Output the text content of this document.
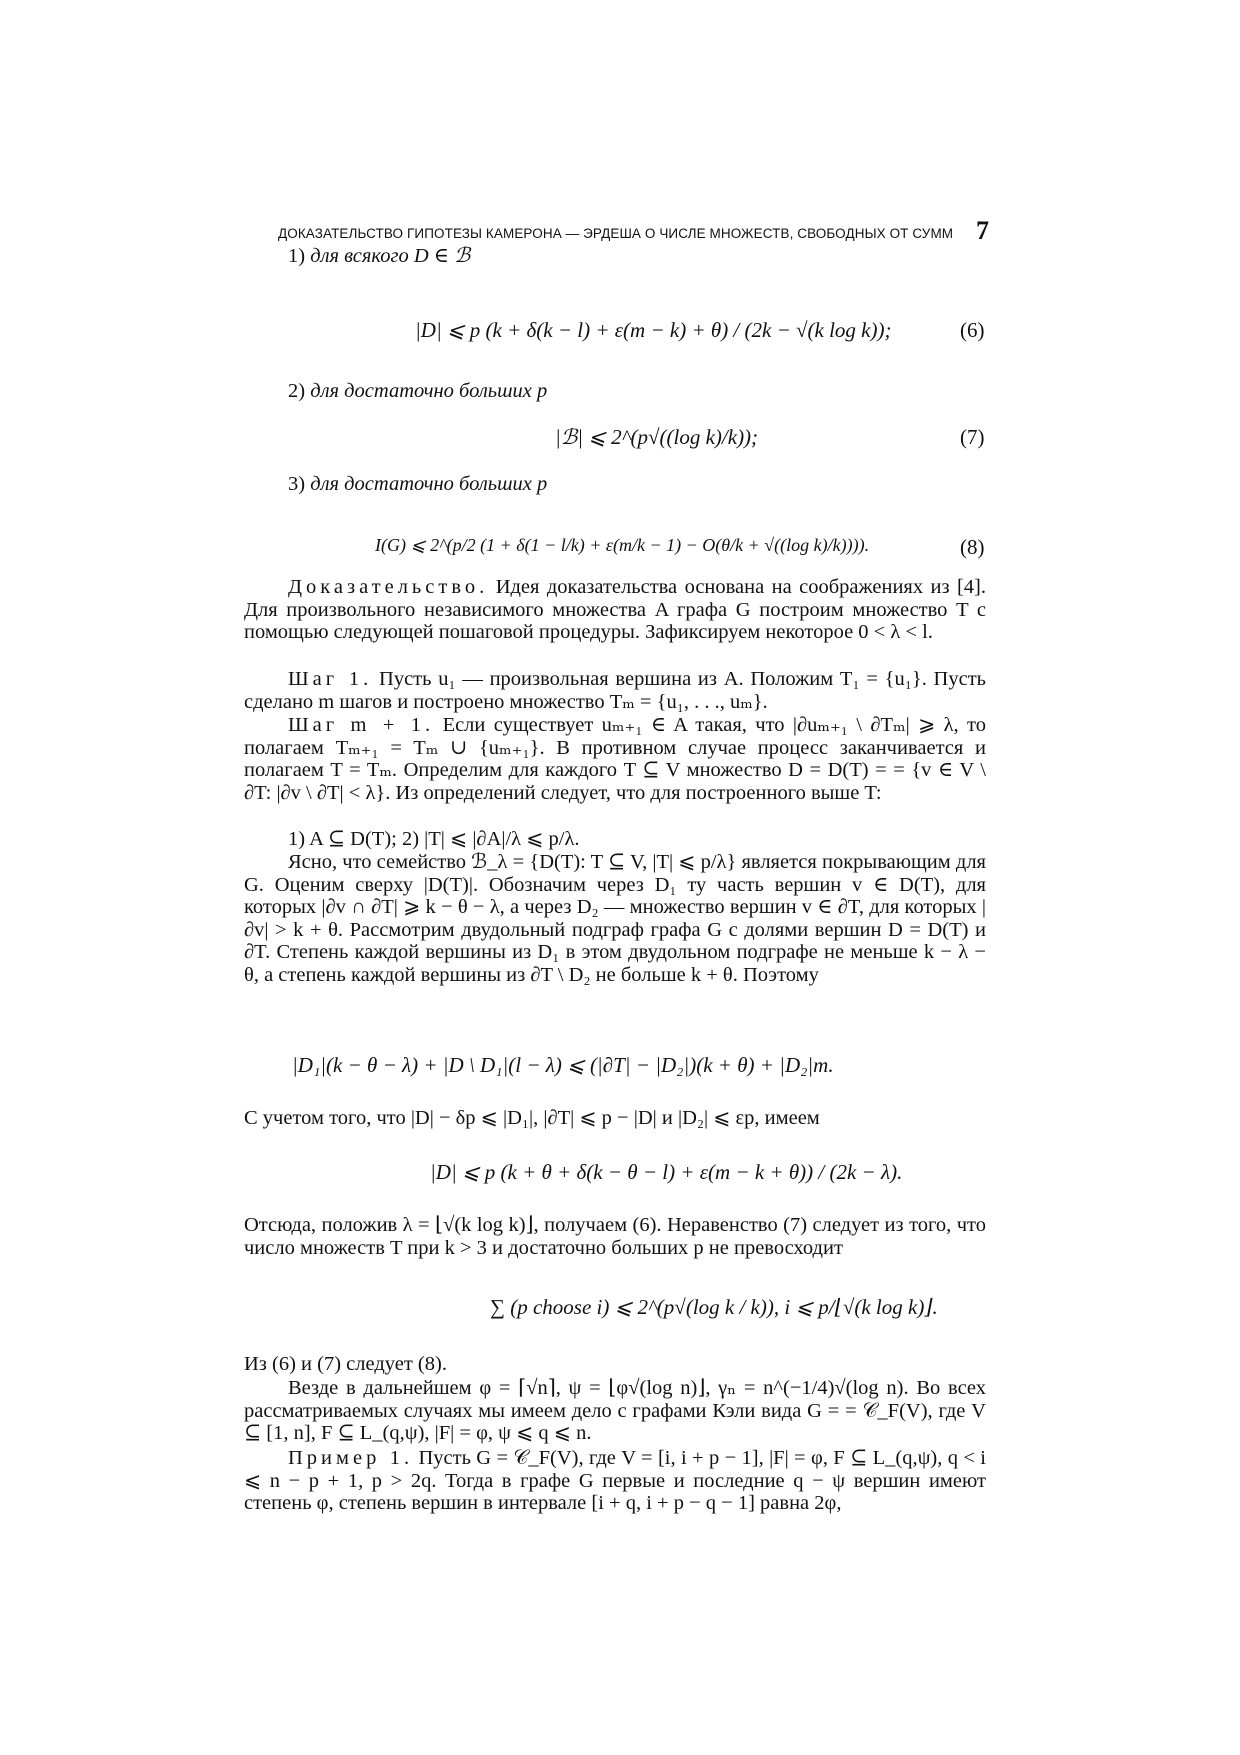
ДОКАЗАТЕЛЬСТВО ГИПОТЕЗЫ КАМЕРОНА — ЭРДЕША О ЧИСЛЕ МНОЖЕСТВ, СВОБОДНЫХ ОТ СУММ 7
1) для всякого D ∈ ℬ
|D| ⩽ p (k + δ(k − l) + ε(m − k) + θ) / (2k − √(k log k));	(6)
2) для достаточно больших p
|ℬ| ⩽ 2^(p√((log k)/k));	(7)
3) для достаточно больших p
I(G) ⩽ 2^(p/2 (1 + δ(1 − l/k) + ε(m/k − 1) − O(θ/k + √((log k)/k)))).	(8)
Доказательство. Идея доказательства основана на соображениях из [4]. Для произвольного независимого множества A графа G построим множество T с помощью следующей пошаговой процедуры. Зафиксируем некоторое 0 < λ < l.
Шаг 1. Пусть u₁ — произвольная вершина из A. Положим T₁ = {u₁}. Пусть сделано m шагов и построено множество Tₘ = {u₁, . . ., uₘ}.
Шаг m + 1. Если существует uₘ₊₁ ∈ A такая, что |∂uₘ₊₁ \ ∂Tₘ| ⩾ λ, то полагаем Tₘ₊₁ = Tₘ ∪ {uₘ₊₁}. В противном случае процесс заканчивается и полагаем T = Tₘ. Определим для каждого T ⊆ V множество D = D(T) = = {v ∈ V \ ∂T: |∂v \ ∂T| < λ}. Из определений следует, что для построенного выше T:
1) A ⊆ D(T); 2) |T| ⩽ |∂A|/λ ⩽ p/λ.
Ясно, что семейство ℬ_λ = {D(T): T ⊆ V, |T| ⩽ p/λ} является покрывающим для G. Оценим сверху |D(T)|. Обозначим через D₁ ту часть вершин v ∈ D(T), для которых |∂v ∩ ∂T| ⩾ k − θ − λ, а через D₂ — множество вершин v ∈ ∂T, для которых |∂v| > k + θ. Рассмотрим двудольный подграф графа G с долями вершин D = D(T) и ∂T. Степень каждой вершины из D₁ в этом двудольном подграфе не меньше k − λ − θ, а степень каждой вершины из ∂T \ D₂ не больше k + θ. Поэтому
|D₁|(k − θ − λ) + |D \ D₁|(l − λ) ⩽ (|∂T| − |D₂|)(k + θ) + |D₂|m.
С учетом того, что |D| − δp ⩽ |D₁|, |∂T| ⩽ p − |D| и |D₂| ⩽ εp, имеем
|D| ⩽ p (k + θ + δ(k − θ − l) + ε(m − k + θ)) / (2k − λ).
Отсюда, положив λ = ⌊√(k log k)⌋, получаем (6). Неравенство (7) следует из того, что число множеств T при k > 3 и достаточно больших p не превосходит
∑ (p choose i) ⩽ 2^(p√(log k / k)), i ⩽ p/⌊√(k log k)⌋.
Из (6) и (7) следует (8).
Везде в дальнейшем φ = ⌈√n⌉, ψ = ⌊φ√(log n)⌋, γₙ = n^(−1/4)√(log n). Во всех рассматриваемых случаях мы имеем дело с графами Кэли вида G = = 𝒞_F(V), где V ⊆ [1, n], F ⊆ L_(q,ψ), |F| = φ, ψ ⩽ q ⩽ n.
Пример 1. Пусть G = 𝒞_F(V), где V = [i, i + p − 1], |F| = φ, F ⊆ L_(q,ψ), q < i ⩽ n − p + 1, p > 2q. Тогда в графе G первые и последние q − ψ вершин имеют степень φ, степень вершин в интервале [i + q, i + p − q − 1] равна 2φ,
